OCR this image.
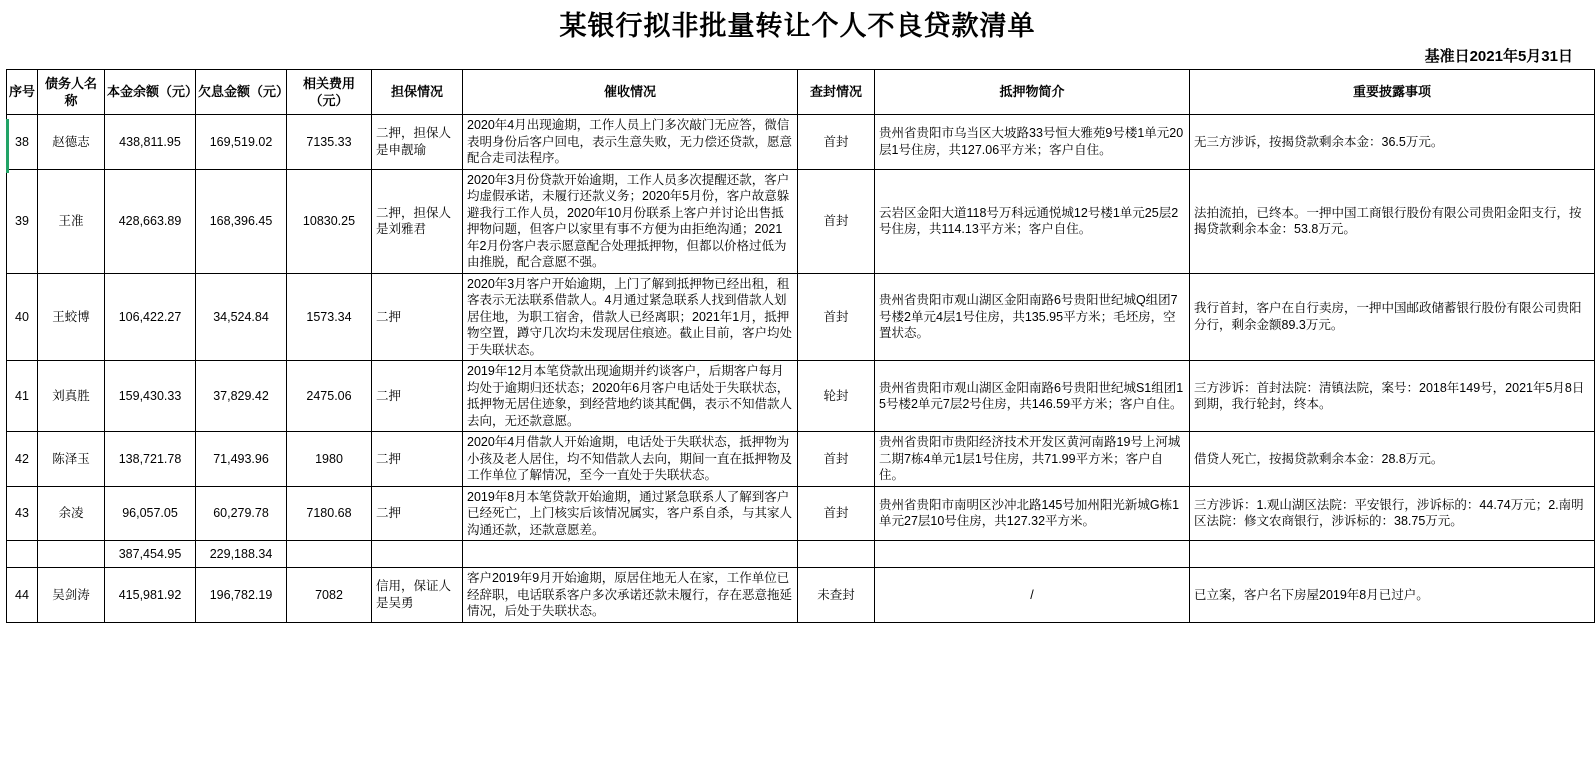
某银行拟非批量转让个人不良贷款清单
基准日2021年5月31日
序号	债务人名称	本金余额（元）	欠息金额（元）	相关费用（元）	担保情况	催收情况	查封情况	抵押物简介	重要披露事项
38	赵德志	438,811.95	169,519.02	7135.33	二押，担保人是申靓瑜	2020年4月出现逾期，工作人员上门多次敲门无应答，微信表明身份后客户回电，表示生意失败，无力偿还贷款，愿意配合走司法程序。	首封	贵州省贵阳市乌当区大坡路33号恒大雅苑9号楼1单元20层1号住房，共127.06平方米；客户自住。	无三方涉诉，按揭贷款剩余本金：36.5万元。
39	王准	428,663.89	168,396.45	10830.25	二押，担保人是刘雅君	2020年3月份贷款开始逾期，工作人员多次提醒还款，客户均虚假承诺，未履行还款义务；2020年5月份，客户故意躲避我行工作人员，2020年10月份联系上客户并讨论出售抵押物问题，但客户以家里有事不方便为由拒绝沟通；2021年2月份客户表示愿意配合处理抵押物，但都以价格过低为由推脱，配合意愿不强。	首封	云岩区金阳大道118号万科远通悦城12号楼1单元25层2号住房，共114.13平方米；客户自住。	法拍流拍，已终本。一押中国工商银行股份有限公司贵阳金阳支行，按揭贷款剩余本金：53.8万元。
40	王蛟博	106,422.27	34,524.84	1573.34	二押	2020年3月客户开始逾期，上门了解到抵押物已经出租，租客表示无法联系借款人。4月通过紧急联系人找到借款人划居住地，为职工宿舍，借款人已经离职；2021年1月，抵押物空置，蹲守几次均未发现居住痕迹。截止目前，客户均处于失联状态。	首封	贵州省贵阳市观山湖区金阳南路6号贵阳世纪城Q组团7号楼2单元4层1号住房，共135.95平方米；毛坯房，空置状态。	我行首封，客户在自行卖房，一押中国邮政储蓄银行股份有限公司贵阳分行，剩余金额89.3万元。
41	刘真胜	159,430.33	37,829.42	2475.06	二押	2019年12月本笔贷款出现逾期并约谈客户，后期客户每月均处于逾期归还状态；2020年6月客户电话处于失联状态，抵押物无居住迹象，到经营地约谈其配偶，表示不知借款人去向，无还款意愿。	轮封	贵州省贵阳市观山湖区金阳南路6号贵阳世纪城S1组团15号楼2单元7层2号住房，共146.59平方米；客户自住。	三方涉诉：首封法院：清镇法院，案号：2018年149号，2021年5月8日到期，我行轮封，终本。
42	陈泽玉	138,721.78	71,493.96	1980	二押	2020年4月借款人开始逾期，电话处于失联状态，抵押物为小孩及老人居住，均不知借款人去向，期间一直在抵押物及工作单位了解情况，至今一直处于失联状态。	首封	贵州省贵阳市贵阳经济技术开发区黄河南路19号上河城二期7栋4单元1层1号住房，共71.99平方米；客户自住。	借贷人死亡，按揭贷款剩余本金：28.8万元。
43	余凌	96,057.05	60,279.78	7180.68	二押	2019年8月本笔贷款开始逾期，通过紧急联系人了解到客户已经死亡，上门核实后该情况属实，客户系自杀，与其家人沟通还款，还款意愿差。	首封	贵州省贵阳市南明区沙冲北路145号加州阳光新城G栋1单元27层10号住房，共127.32平方米。	三方涉诉：1.观山湖区法院：平安银行，涉诉标的：44.74万元；2.南明区法院：修文农商银行，涉诉标的：38.75万元。
		387,454.95	229,188.34						
44	吴剑涛	415,981.92	196,782.19	7082	信用，保证人是吴勇	客户2019年9月开始逾期，原居住地无人在家，工作单位已经辞职，电话联系客户多次承诺还款未履行，存在恶意拖延情况，后处于失联状态。	未查封	/	已立案，客户名下房屋2019年8月已过户。
